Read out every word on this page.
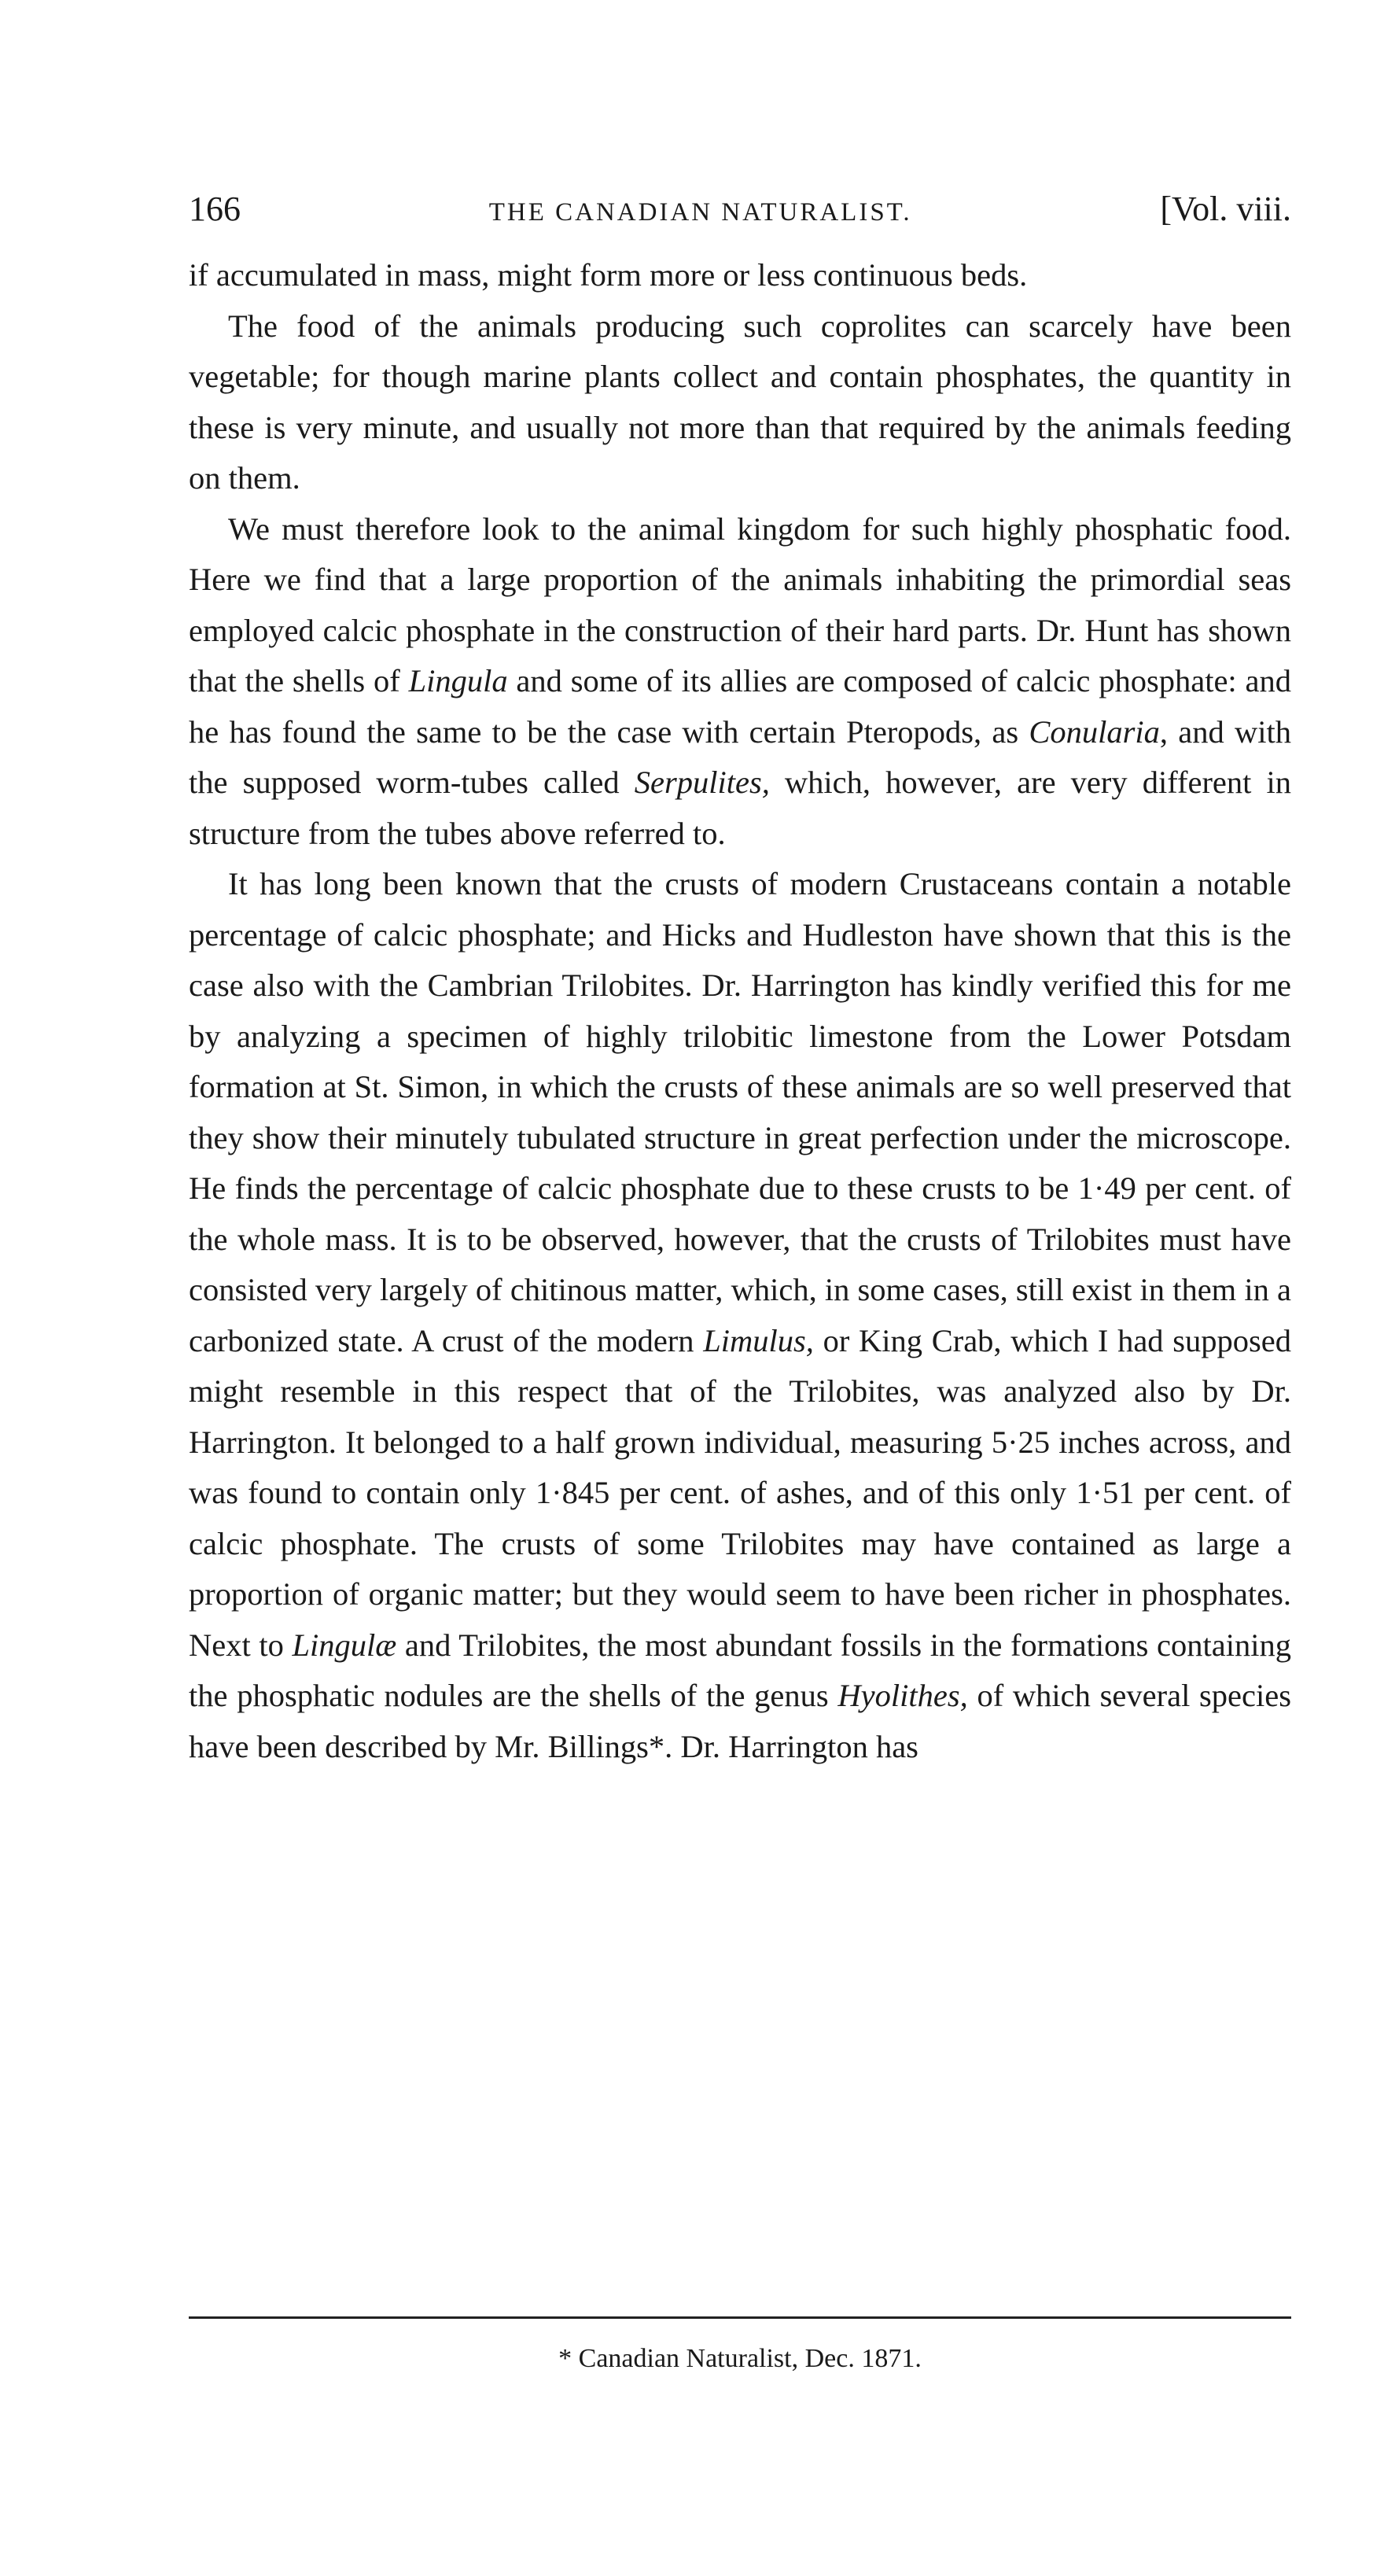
166	THE CANADIAN NATURALIST.	[Vol. viii.

if accumulated in mass, might form more or less continuous beds.

The food of the animals producing such coprolites can scarcely have been vegetable; for though marine plants collect and contain phosphates, the quantity in these is very minute, and usually not more than that required by the animals feeding on them.

We must therefore look to the animal kingdom for such highly phosphatic food. Here we find that a large proportion of the animals inhabiting the primordial seas employed calcic phosphate in the construction of their hard parts. Dr. Hunt has shown that the shells of Lingula and some of its allies are composed of calcic phosphate: and he has found the same to be the case with certain Pteropods, as Conularia, and with the supposed worm-tubes called Serpulites, which, however, are very different in structure from the tubes above referred to.

It has long been known that the crusts of modern Crustaceans contain a notable percentage of calcic phosphate; and Hicks and Hudleston have shown that this is the case also with the Cambrian Trilobites. Dr. Harrington has kindly verified this for me by analyzing a specimen of highly trilobitic limestone from the Lower Potsdam formation at St. Simon, in which the crusts of these animals are so well preserved that they show their minutely tubulated structure in great perfection under the microscope. He finds the percentage of calcic phosphate due to these crusts to be 1·49 per cent. of the whole mass. It is to be observed, however, that the crusts of Trilobites must have consisted very largely of chitinous matter, which, in some cases, still exist in them in a carbonized state. A crust of the modern Limulus, or King Crab, which I had supposed might resemble in this respect that of the Trilobites, was analyzed also by Dr. Harrington. It belonged to a half grown individual, measuring 5·25 inches across, and was found to contain only 1·845 per cent. of ashes, and of this only 1·51 per cent. of calcic phosphate. The crusts of some Trilobites may have contained as large a proportion of organic matter; but they would seem to have been richer in phosphates. Next to Lingulæ and Trilobites, the most abundant fossils in the formations containing the phosphatic nodules are the shells of the genus Hyolithes, of which several species have been described by Mr. Billings*. Dr. Harrington has

* Canadian Naturalist, Dec. 1871.
